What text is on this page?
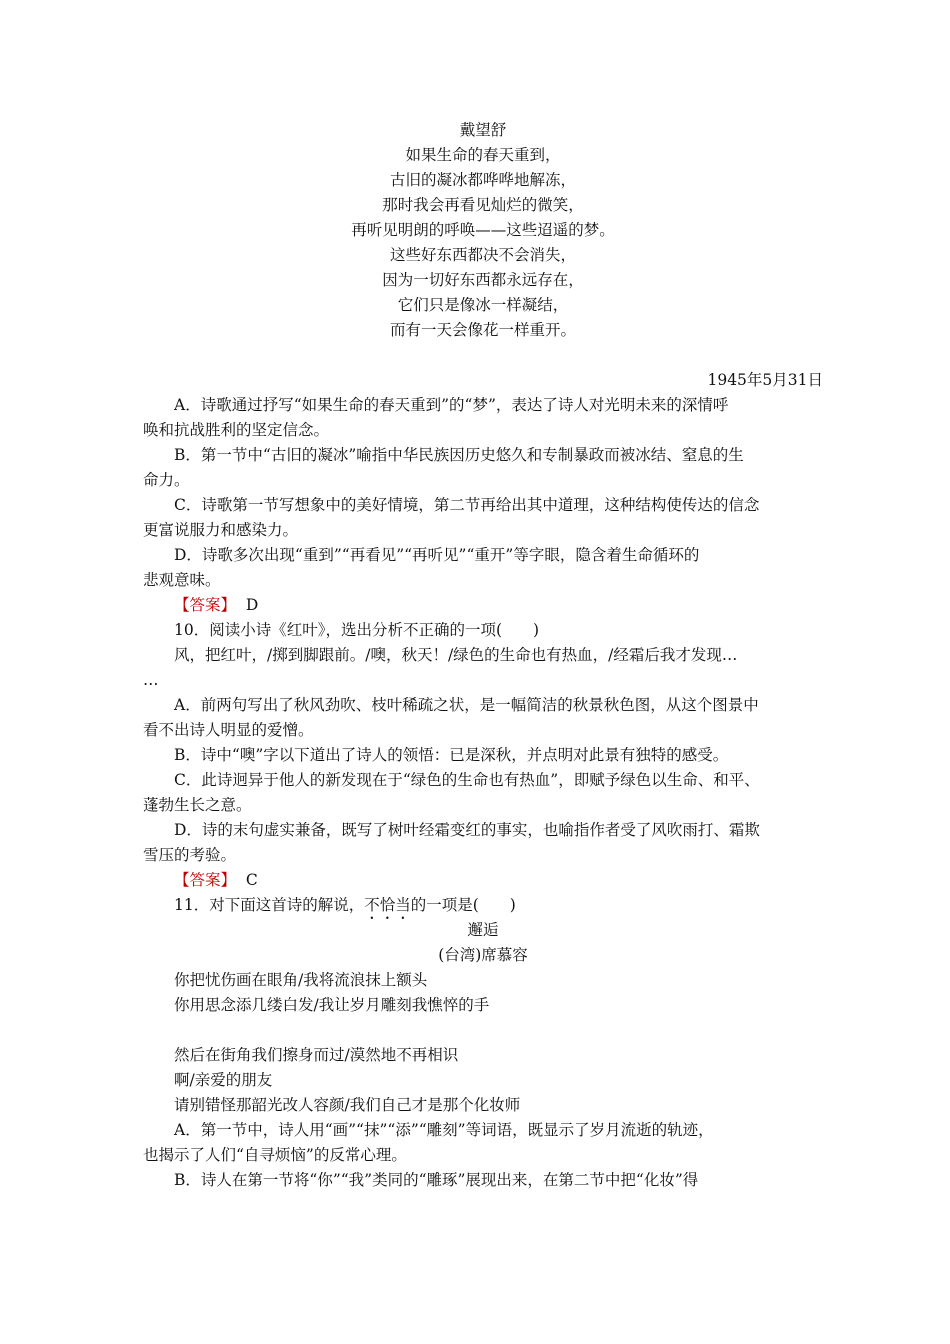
戴望舒
如果生命的春天重到，
古旧的凝冰都哗哗地解冻，
那时我会再看见灿烂的微笑，
再听见明朗的呼唤——这些迢遥的梦。
这些好东西都决不会消失，
因为一切好东西都永远存在，
它们只是像冰一样凝结，
而有一天会像花一样重开。
1945年5月31日
A．诗歌通过抒写“如果生命的春天重到”的“梦”，表达了诗人对光明未来的深情呼
唤和抗战胜利的坚定信念。
B．第一节中“古旧的凝冰”喻指中华民族因历史悠久和专制暴政而被冰结、窒息的生
命力。
C．诗歌第一节写想象中的美好情境，第二节再给出其中道理，这种结构使传达的信念
更富说服力和感染力。
D．诗歌多次出现“重到”“再看见”“再听见”“重开”等字眼，隐含着生命循环的
悲观意味。
【答案】 D
10．阅读小诗《红叶》，选出分析不正确的一项(　　)
风，把红叶，/掷到脚跟前。/噢，秋天！/绿色的生命也有热血，/经霜后我才发现…
…
A．前两句写出了秋风劲吹、枝叶稀疏之状，是一幅简洁的秋景秋色图，从这个图景中
看不出诗人明显的爱憎。
B．诗中“噢”字以下道出了诗人的领悟：已是深秋，并点明对此景有独特的感受。
C．此诗迥异于他人的新发现在于“绿色的生命也有热血”，即赋予绿色以生命、和平、
蓬勃生长之意。
D．诗的末句虚实兼备，既写了树叶经霜变红的事实，也喻指作者受了风吹雨打、霜欺
雪压的考验。
【答案】 C
11．对下面这首诗的解说，不恰当的一项是(　　)
邂逅
(台湾)席慕容
你把忧伤画在眼角/我将流浪抹上额头
你用思念添几缕白发/我让岁月雕刻我憔悴的手
然后在街角我们擦身而过/漠然地不再相识
啊/亲爱的朋友
请别错怪那韶光改人容颜/我们自己才是那个化妆师
A．第一节中，诗人用“画”“抹”“添”“雕刻”等词语，既显示了岁月流逝的轨迹，
也揭示了人们“自寻烦恼”的反常心理。
B．诗人在第一节将“你”“我”类同的“雕琢”展现出来，在第二节中把“化妆”得
